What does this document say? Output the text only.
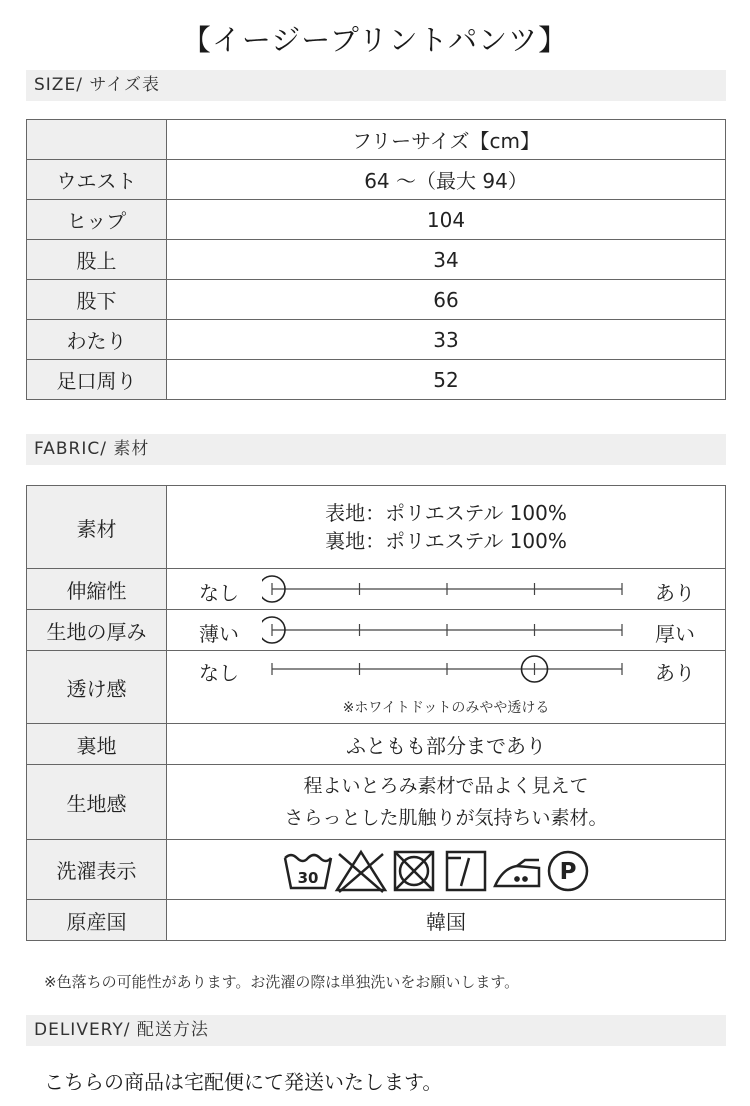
【イージープリントパンツ】
SIZE/ サイズ表
	フリーサイズ【cm】
ウエスト	64 〜（最大 94）
ヒップ	104
股上	34
股下	66
わたり	33
足口周り	52
FABRIC/ 素材
素材	表地：ポリエステル 100%
裏地：ポリエステル 100%

伸縮性	なし あり

生地の厚み	薄い 厚い

透け感	なし あり
※ホワイトドットのみやや透ける

裏地	ふともも部分まであり
生地感	程よいとろみ素材で品よく見えて
さらっとした肌触りが気持ちい素材。

洗濯表示	30 P

原産国	韓国
※色落ちの可能性があります。お洗濯の際は単独洗いをお願いします。
DELIVERY/ 配送方法
こちらの商品は宅配便にて発送いたします。
